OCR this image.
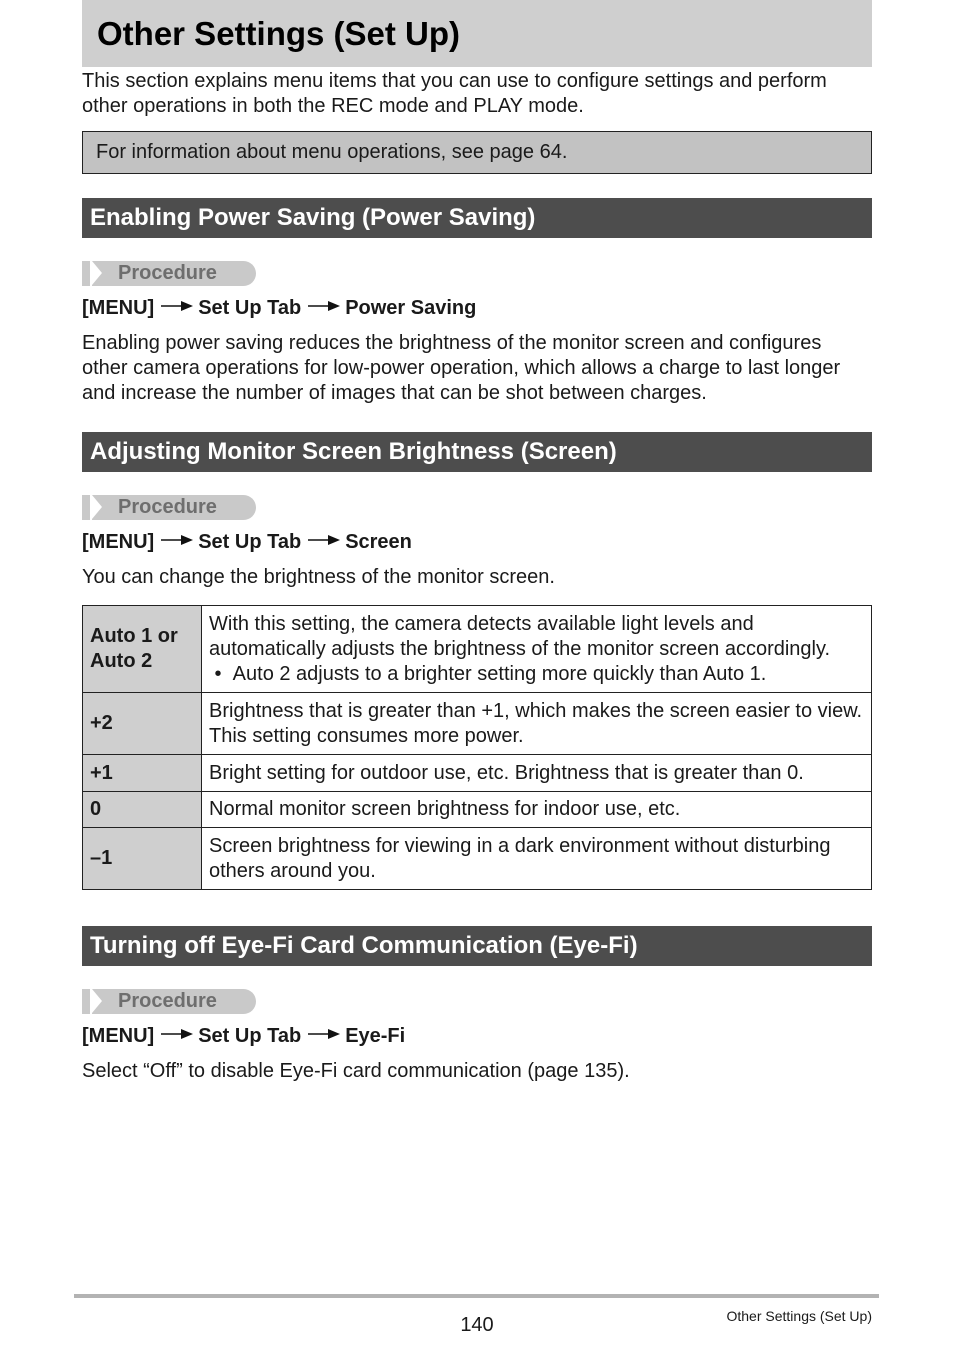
Other Settings (Set Up)

This section explains menu items that you can use to configure settings and perform other operations in both the REC mode and PLAY mode.

For information about menu operations, see page 64.
Enabling Power Saving (Power Saving)
Procedure
[MENU] Set Up Tab Power Saving

Enabling power saving reduces the brightness of the monitor screen and configures other camera operations for low-power operation, which allows a charge to last longer and increase the number of images that can be shot between charges.

Adjusting Monitor Screen Brightness (Screen)
Procedure
[MENU] Set Up Tab Screen

You can change the brightness of the monitor screen.

Auto 1 or Auto 2	With this setting, the camera detects available light levels and automatically adjusts the brightness of the monitor screen accordingly.
•  Auto 2 adjusts to a brighter setting more quickly than Auto 1.

+2	Brightness that is greater than +1, which makes the screen easier to view. This setting consumes more power.
+1	Bright setting for outdoor use, etc. Brightness that is greater than 0.
0	Normal monitor screen brightness for indoor use, etc.
–1	Screen brightness for viewing in a dark environment without disturbing others around you.
Turning off Eye-Fi Card Communication (Eye-Fi)
Procedure
[MENU] Set Up Tab Eye-Fi

Select “Off” to disable Eye-Fi card communication (page 135).

140	Other Settings (Set Up)
